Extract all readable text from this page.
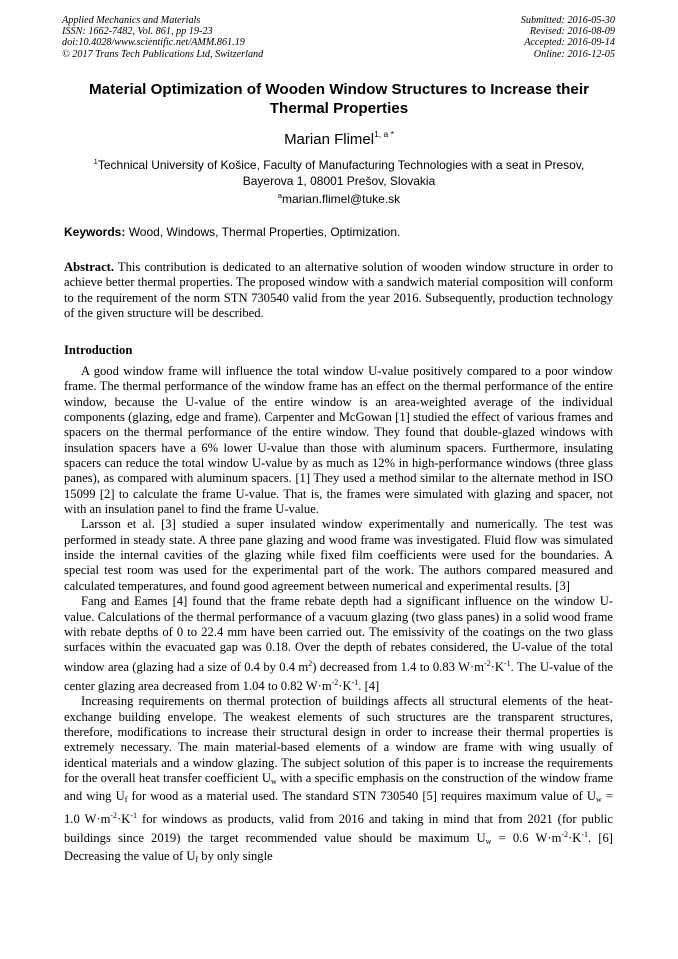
Applied Mechanics and Materials
ISSN: 1662-7482, Vol. 861, pp 19-23
doi:10.4028/www.scientific.net/AMM.861.19
© 2017 Trans Tech Publications Ltd, Switzerland
Submitted: 2016-05-30
Revised: 2016-08-09
Accepted: 2016-09-14
Online: 2016-12-05
Material Optimization of Wooden Window Structures to Increase their Thermal Properties
Marian Flimel$^{1, a *}$
$^1$Technical University of Košice, Faculty of Manufacturing Technologies with a seat in Presov,
Bayerova 1, 08001 Prešov, Slovakia
$^a$marian.flimel@tuke.sk
Keywords: Wood, Windows, Thermal Properties, Optimization.
Abstract. This contribution is dedicated to an alternative solution of wooden window structure in order to achieve better thermal properties. The proposed window with a sandwich material composition will conform to the requirement of the norm STN 730540 valid from the year 2016. Subsequently, production technology of the given structure will be described.
Introduction

A good window frame will influence the total window U-value positively compared to a poor window frame. The thermal performance of the window frame has an effect on the thermal performance of the entire window, because the U-value of the entire window is an area-weighted average of the individual components (glazing, edge and frame). Carpenter and McGowan [1] studied the effect of various frames and spacers on the thermal performance of the entire window. They found that double-glazed windows with insulation spacers have a 6% lower U-value than those with aluminum spacers. Furthermore, insulating spacers can reduce the total window U-value by as much as 12% in high-performance windows (three glass panes), as compared with aluminum spacers. [1] They used a method similar to the alternate method in ISO 15099 [2] to calculate the frame U-value. That is, the frames were simulated with glazing and spacer, not with an insulation panel to find the frame U-value.

Larsson et al. [3] studied a super insulated window experimentally and numerically. The test was performed in steady state. A three pane glazing and wood frame was investigated. Fluid flow was simulated inside the internal cavities of the glazing while fixed film coefficients were used for the boundaries. A special test room was used for the experimental part of the work. The authors compared measured and calculated temperatures, and found good agreement between numerical and experimental results. [3]

Fang and Eames [4] found that the frame rebate depth had a significant influence on the window U-value. Calculations of the thermal performance of a vacuum glazing (two glass panes) in a solid wood frame with rebate depths of 0 to 22.4 mm have been carried out. The emissivity of the coatings on the two glass surfaces within the evacuated gap was 0.18. Over the depth of rebates considered, the U-value of the total window area (glazing had a size of 0.4 by 0.4 $m^2$) decreased from 1.4 to 0.83 $W\cdot m^{-2}\cdot K^{-1}$. The U-value of the center glazing area decreased from 1.04 to 0.82 $W\cdot m^{-2}\cdot K^{-1}$. [4]

Increasing requirements on thermal protection of buildings affects all structural elements of the heat-exchange building envelope. The weakest elements of such structures are the transparent structures, therefore, modifications to increase their structural design in order to increase their thermal properties is extremely necessary. The main material-based elements of a window are frame with wing usually of identical materials and a window glazing. The subject solution of this paper is to increase the requirements for the overall heat transfer coefficient $U_w$ with a specific emphasis on the construction of the window frame and wing $U_f$ for wood as a material used. The standard STN 730540 [5] requires maximum value of $U_w = 1.0$ $W\cdot m^{-2}\cdot K^{-1}$ for windows as products, valid from 2016 and taking in mind that from 2021 (for public buildings since 2019) the target recommended value should be maximum $U_w = 0.6$ $W\cdot m^{-2}\cdot K^{-1}$. [6] Decreasing the value of $U_f$ by only single
